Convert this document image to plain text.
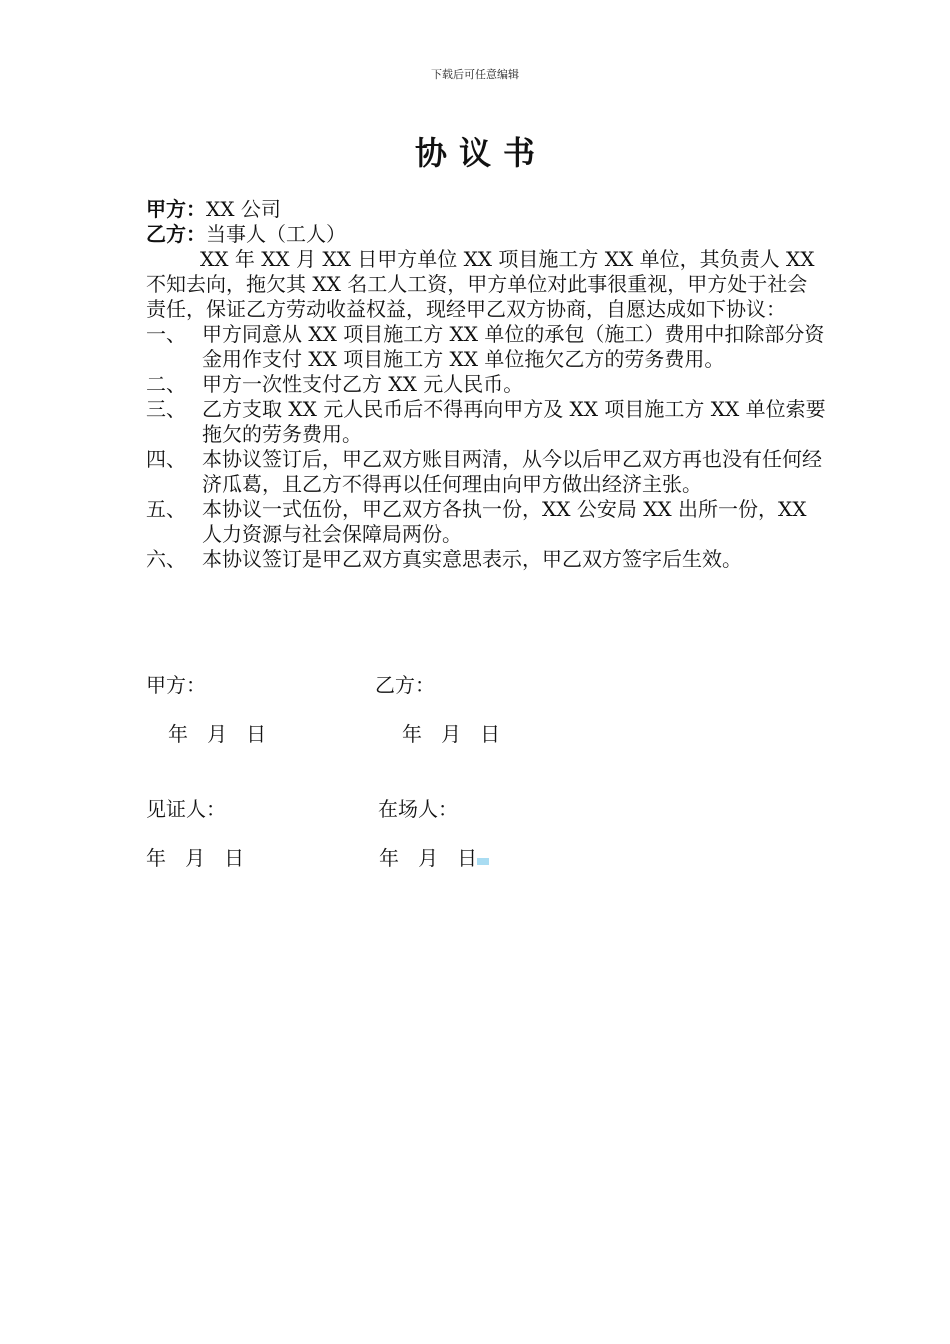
下载后可任意编辑
协议书
甲方：XX 公司
乙方：当事人（工人）
XX 年 XX 月 XX 日甲方单位 XX 项目施工方 XX 单位，其负责人 XX 不知去向，拖欠其 XX 名工人工资，甲方单位对此事很重视，甲方处于社会责任，保证乙方劳动收益权益，现经甲乙双方协商，自愿达成如下协议：
一、 甲方同意从 XX 项目施工方 XX 单位的承包（施工）费用中扣除部分资金用作支付 XX 项目施工方 XX 单位拖欠乙方的劳务费用。
二、 甲方一次性支付乙方 XX 元人民币。
三、 乙方支取 XX 元人民币后不得再向甲方及 XX 项目施工方 XX 单位索要拖欠的劳务费用。
四、 本协议签订后，甲乙双方账目两清，从今以后甲乙双方再也没有任何经济瓜葛，且乙方不得再以任何理由向甲方做出经济主张。
五、 本协议一式伍份，甲乙双方各执一份，XX 公安局 XX 出所一份，XX 人力资源与社会保障局两份。
六、 本协议签订是甲乙双方真实意思表示，甲乙双方签字后生效。
甲方：	乙方：
年   月   日	年   月   日
见证人：	在场人：
年   月   日	年   月   日
